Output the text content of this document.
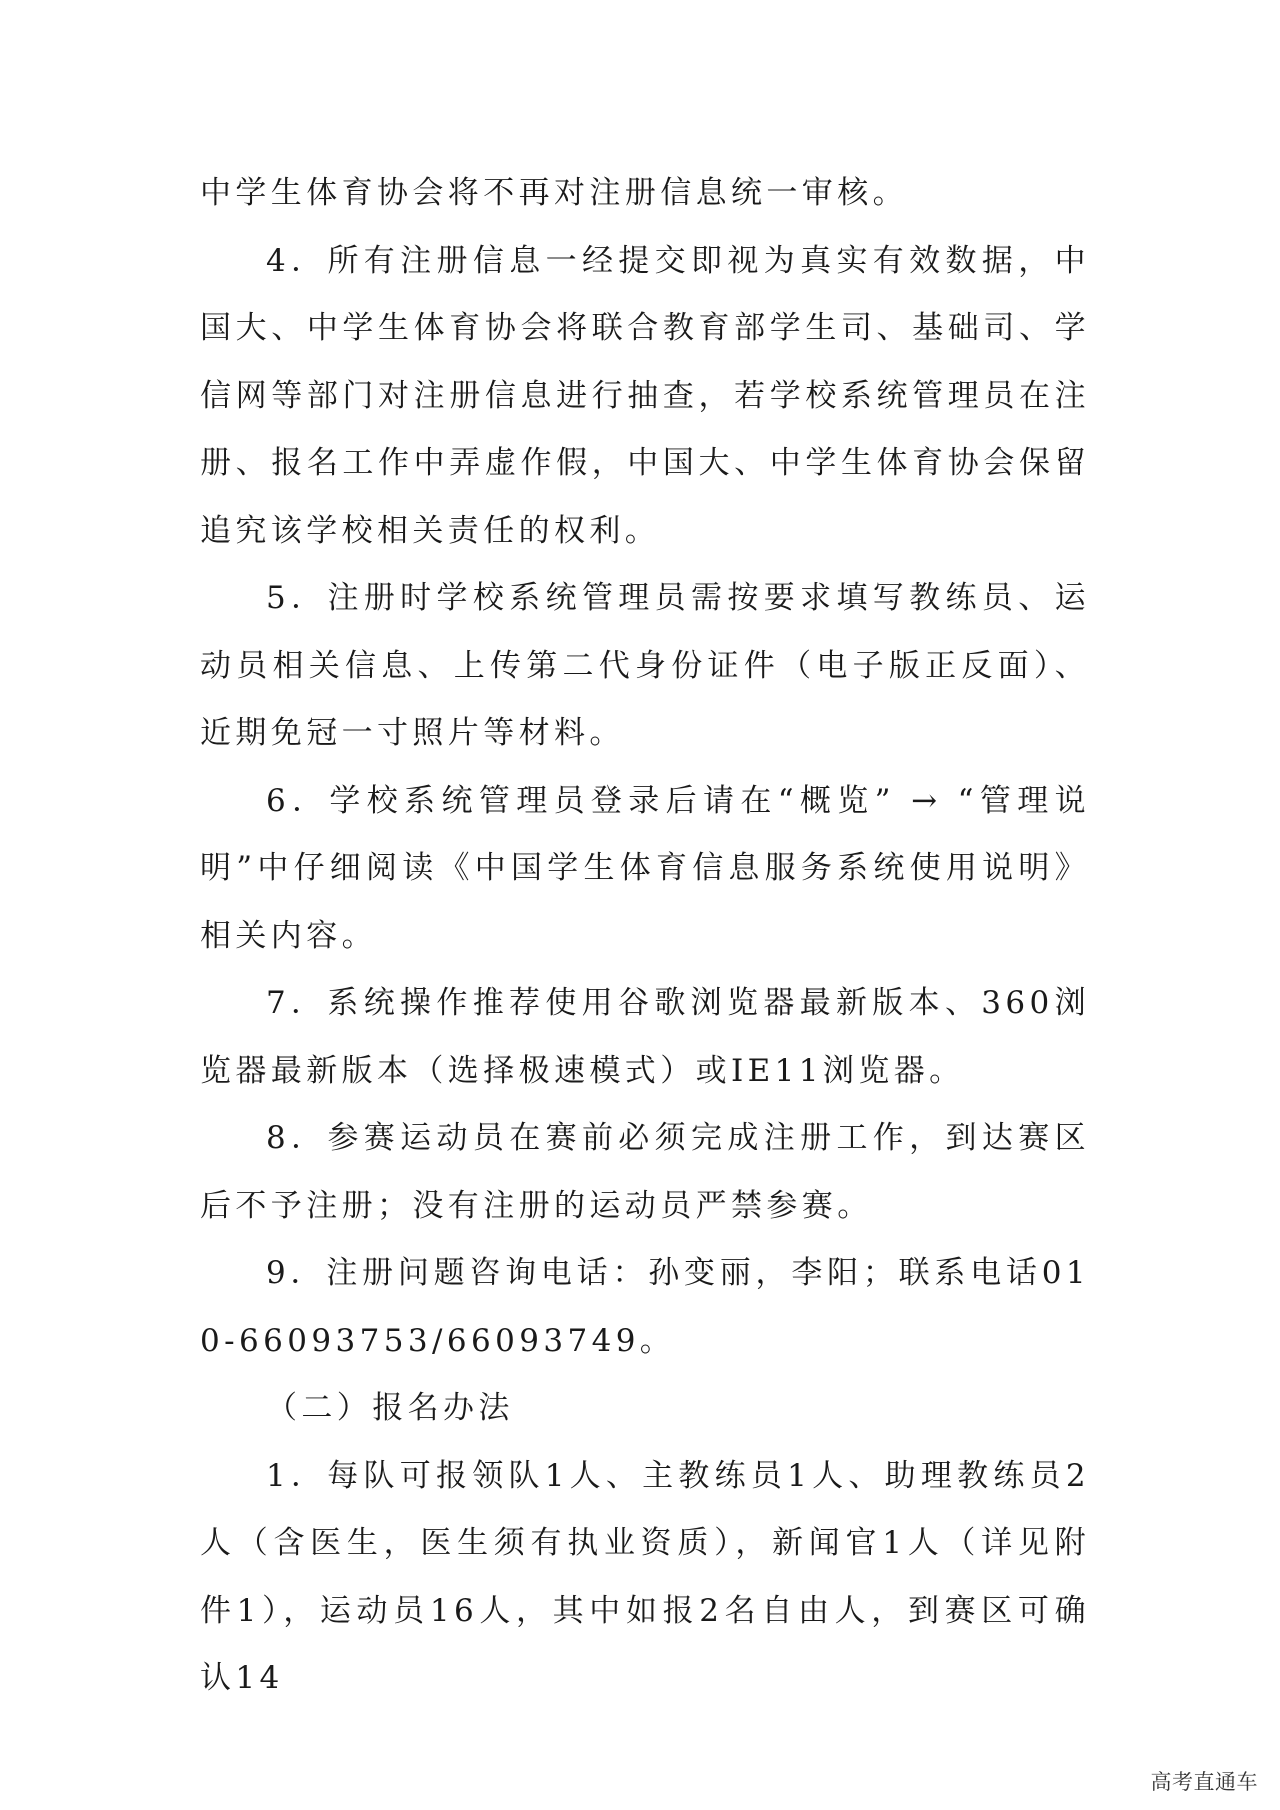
中学生体育协会将不再对注册信息统一审核。

4．所有注册信息一经提交即视为真实有效数据，中国大、中学生体育协会将联合教育部学生司、基础司、学信网等部门对注册信息进行抽查，若学校系统管理员在注册、报名工作中弄虚作假，中国大、中学生体育协会保留追究该学校相关责任的权利。

5．注册时学校系统管理员需按要求填写教练员、运动员相关信息、上传第二代身份证件（电子版正反面）、近期免冠一寸照片等材料。

6．学校系统管理员登录后请在“概览” → “管理说明”中仔细阅读《中国学生体育信息服务系统使用说明》相关内容。

7．系统操作推荐使用谷歌浏览器最新版本、360浏览器最新版本（选择极速模式）或IE11浏览器。

8．参赛运动员在赛前必须完成注册工作，到达赛区后不予注册；没有注册的运动员严禁参赛。

9．注册问题咨询电话：孙变丽，李阳；联系电话010-66093753/66093749。

（二）报名办法

1．每队可报领队1人、主教练员1人、助理教练员2人（含医生，医生须有执业资质），新闻官1人（详见附件1），运动员16人，其中如报2名自由人，到赛区可确认14

高考直通车
